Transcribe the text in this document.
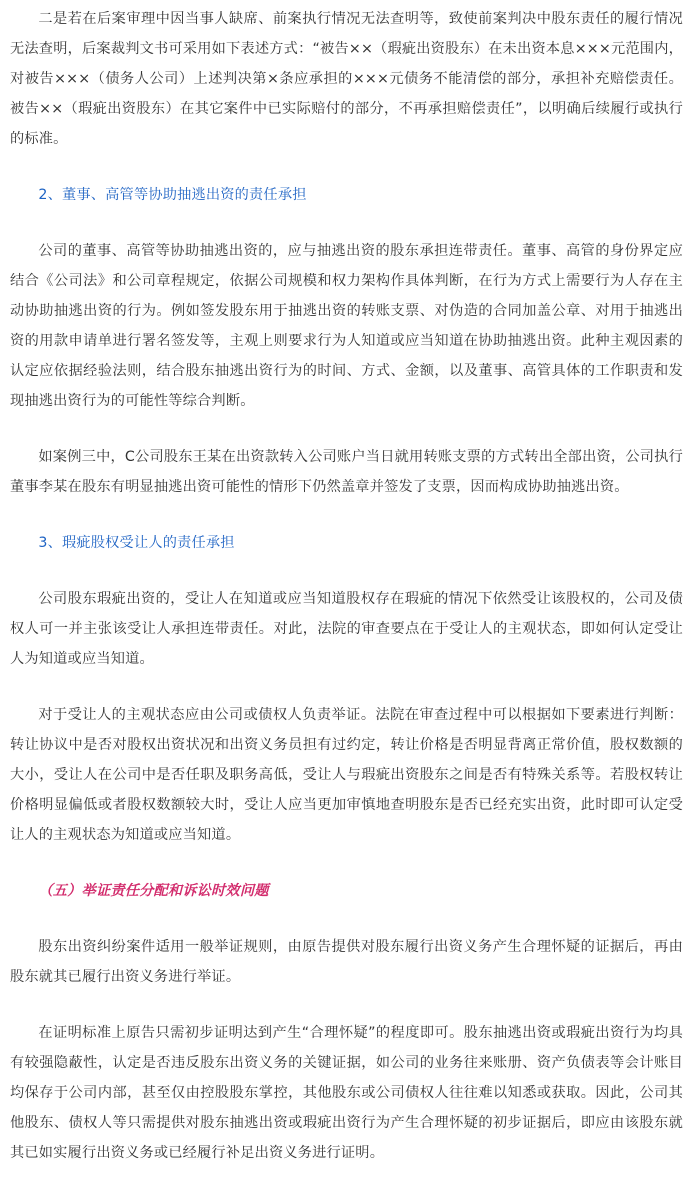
二是若在后案审理中因当事人缺席、前案执行情况无法查明等，致使前案判决中股东责任的履行情况无法查明，后案裁判文书可采用如下表述方式：“被告××（瑕疵出资股东）在未出资本息×××元范围内，对被告×××（债务人公司）上述判决第×条应承担的×××元债务不能清偿的部分，承担补充赔偿责任。被告××（瑕疵出资股东）在其它案件中已实际赔付的部分，不再承担赔偿责任”，以明确后续履行或执行的标准。

2、董事、高管等协助抽逃出资的责任承担

公司的董事、高管等协助抽逃出资的，应与抽逃出资的股东承担连带责任。董事、高管的身份界定应结合《公司法》和公司章程规定，依据公司规模和权力架构作具体判断，在行为方式上需要行为人存在主动协助抽逃出资的行为。例如签发股东用于抽逃出资的转账支票、对伪造的合同加盖公章、对用于抽逃出资的用款申请单进行署名签发等，主观上则要求行为人知道或应当知道在协助抽逃出资。此种主观因素的认定应依据经验法则，结合股东抽逃出资行为的时间、方式、金额，以及董事、高管具体的工作职责和发现抽逃出资行为的可能性等综合判断。

如案例三中，C公司股东王某在出资款转入公司账户当日就用转账支票的方式转出全部出资，公司执行董事李某在股东有明显抽逃出资可能性的情形下仍然盖章并签发了支票，因而构成协助抽逃出资。

3、瑕疵股权受让人的责任承担

公司股东瑕疵出资的，受让人在知道或应当知道股权存在瑕疵的情况下依然受让该股权的，公司及债权人可一并主张该受让人承担连带责任。对此，法院的审查要点在于受让人的主观状态，即如何认定受让人为知道或应当知道。

对于受让人的主观状态应由公司或债权人负责举证。法院在审查过程中可以根据如下要素进行判断：转让协议中是否对股权出资状况和出资义务员担有过约定，转让价格是否明显背离正常价值，股权数额的大小，受让人在公司中是否任职及职务高低，受让人与瑕疵出资股东之间是否有特殊关系等。若股权转让价格明显偏低或者股权数额较大时，受让人应当更加审慎地查明股东是否已经充实出资，此时即可认定受让人的主观状态为知道或应当知道。

（五）举证责任分配和诉讼时效问题

股东出资纠纷案件适用一般举证规则，由原告提供对股东履行出资义务产生合理怀疑的证据后，再由股东就其已履行出资义务进行举证。

在证明标准上原告只需初步证明达到产生“合理怀疑”的程度即可。股东抽逃出资或瑕疵出资行为均具有较强隐蔽性，认定是否违反股东出资义务的关键证据，如公司的业务往来账册、资产负债表等会计账目均保存于公司内部，甚至仅由控股股东掌控，其他股东或公司债权人往往难以知悉或获取。因此，公司其他股东、债权人等只需提供对股东抽逃出资或瑕疵出资行为产生合理怀疑的初步证据后，即应由该股东就其已如实履行出资义务或已经履行补足出资义务进行证明。
